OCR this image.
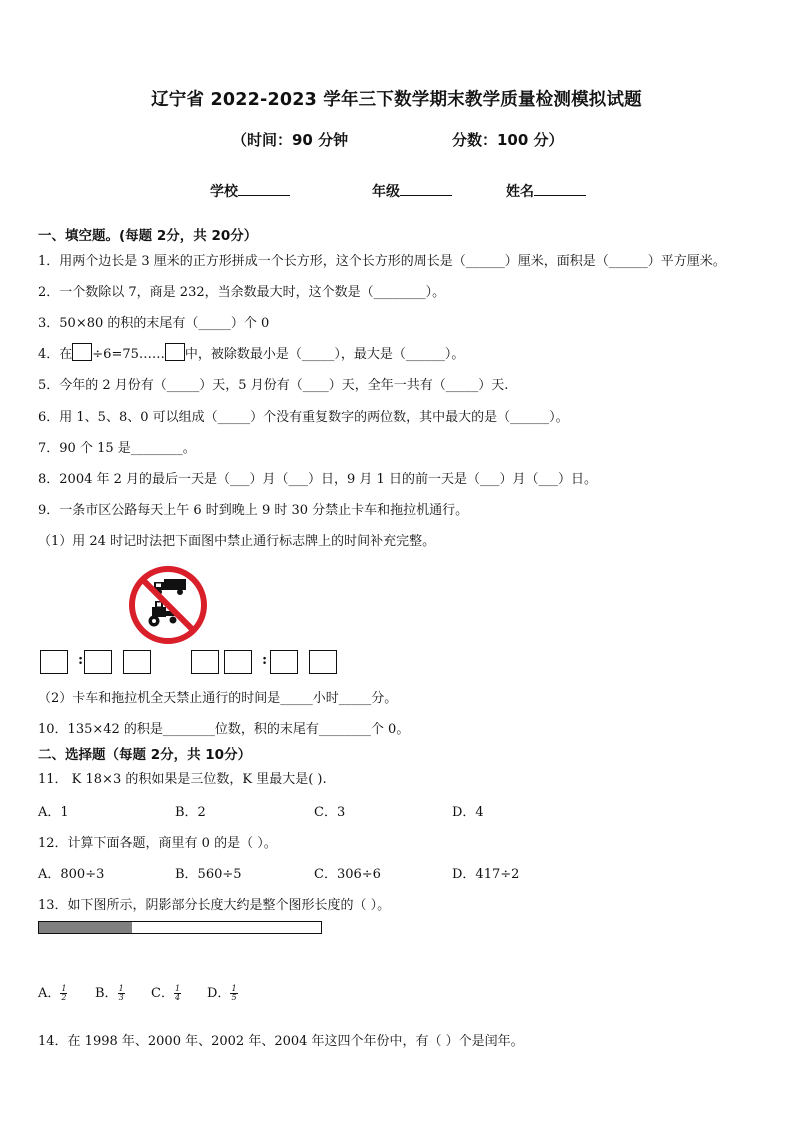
辽宁省 2022-2023 学年三下数学期末教学质量检测模拟试题
（时间：90 分钟	分数：100 分）
学校	年级	姓名
一、填空题。(每题 2分，共 20分）
1．用两个边长是 3 厘米的正方形拼成一个长方形，这个长方形的周长是（______）厘米，面积是（______）平方厘米。
2．一个数除以 7，商是 232，当余数最大时，这个数是（________）。
3．50×80 的积的末尾有（_____）个 0
4．在 ÷6=75…… 中，被除数最小是（_____），最大是（______）。
5．今年的 2 月份有（_____）天，5 月份有（____）天，全年一共有（_____）天.
6．用 1、5、8、0 可以组成（_____）个没有重复数字的两位数，其中最大的是（______）。
7．90 个 15 是________。
8．2004 年 2 月的最后一天是（___）月（___）日，9 月 1 日的前一天是（___）月（___）日。
9．一条市区公路每天上午 6 时到晚上 9 时 30 分禁止卡车和拖拉机通行。
（1）用 24 时记时法把下面图中禁止通行标志牌上的时间补充完整。
:	:
（2）卡车和拖拉机全天禁止通行的时间是_____小时_____分。
10．135×42 的积是________位数，积的末尾有________个 0。
二、选择题（每题 2分，共 10分）
11． K 18×3 的积如果是三位数，K 里最大是( ).
A．1	B．2	C．3	D．4
12．计算下面各题，商里有 0 的是（ ）。
A．800÷3	B．560÷5	C．306÷6	D．417÷2
13．如下图所示，阴影部分长度大约是整个图形长度的（ ）。
A． $\frac{1}{2}$ B． $\frac{1}{3}$ C． $\frac{1}{4}$ D． $\frac{1}{5}$
14．在 1998 年、2000 年、2002 年、2004 年这四个年份中，有（ ）个是闰年。
